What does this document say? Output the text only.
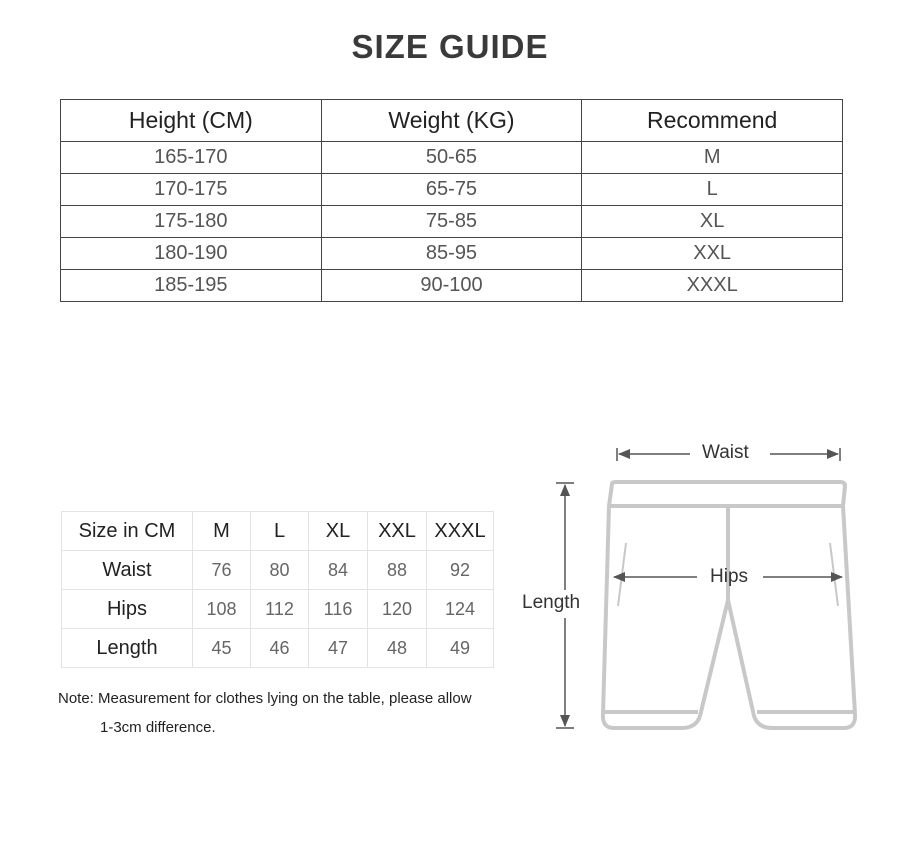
SIZE GUIDE
Height (CM)	Weight (KG)	Recommend
165-170	50-65	M
170-175	65-75	L
175-180	75-85	XL
180-190	85-95	XXL
185-195	90-100	XXXL
Size in CM	M	L	XL	XXL	XXXL
Waist	76	80	84	88	92
Hips	108	112	116	120	124
Length	45	46	47	48	49
Note: Measurement for clothes lying on the table, please allow
1-3cm difference.
Waist
Hips
Length
